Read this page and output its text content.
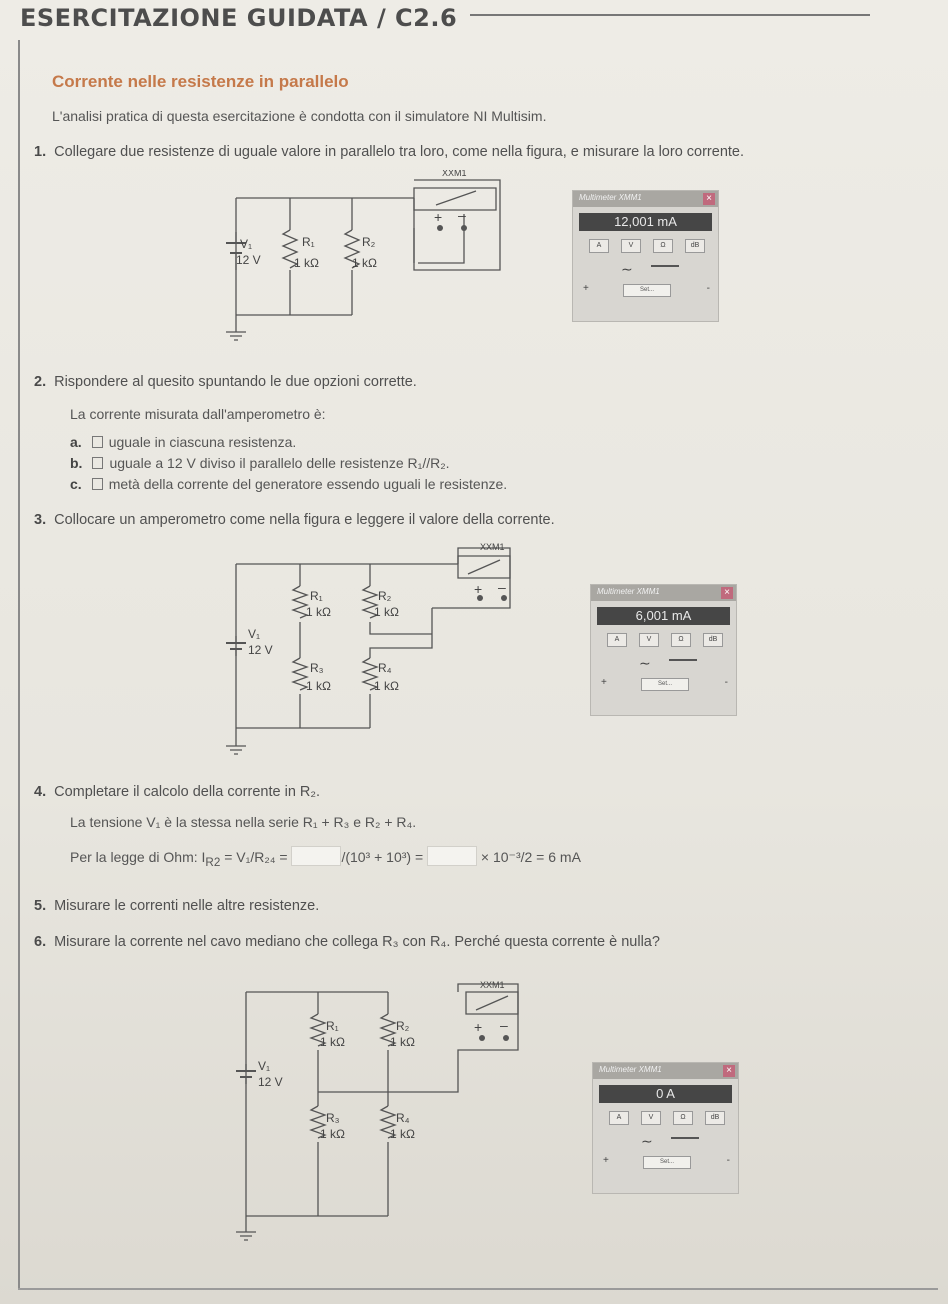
ESERCITAZIONE GUIDATA / C2.6
Corrente nelle resistenze in parallelo
L'analisi pratica di questa esercitazione è condotta con il simulatore NI Multisim.
1. Collegare due resistenze di uguale valore in parallelo tra loro, come nella figura, e misurare la loro corrente.
XXM1
+ –
V₁
12 V
R₁
1 kΩ
R₂
1 kΩ
Multimeter XMM1	×
12,001 mA
A	V	Ω	dB
∼
+	Set...	-
2. Rispondere al quesito spuntando le due opzioni corrette.
La corrente misurata dall'amperometro è:
a. uguale in ciascuna resistenza.
b. uguale a 12 V diviso il parallelo delle resistenze R₁//R₂.
c. metà della corrente del generatore essendo uguali le resistenze.
3. Collocare un amperometro come nella figura e leggere il valore della corrente.
XXM1
+ –
V₁
12 V
R₁
1 kΩ
R₂
1 kΩ
R₃
1 kΩ
R₄
1 kΩ
Multimeter XMM1	×
6,001 mA
A	V	Ω	dB
∼
+	Set...	-
4. Completare il calcolo della corrente in R₂.
La tensione V₁ è la stessa nella serie R₁ + R₃ e R₂ + R₄.
Per la legge di Ohm: $I_{R2} = V_1/R_{24}$ =	/(10³ + 10³) =	× 10⁻³/2 = 6 mA
5. Misurare le correnti nelle altre resistenze.
6. Misurare la corrente nel cavo mediano che collega R₃ con R₄. Perché questa corrente è nulla?
XXM1
+ –
V₁
12 V
R₁
1 kΩ
R₂
1 kΩ
R₃
1 kΩ
R₄
1 kΩ
Multimeter XMM1	×
0 A
A	V	Ω	dB
∼
+	Set...	-
